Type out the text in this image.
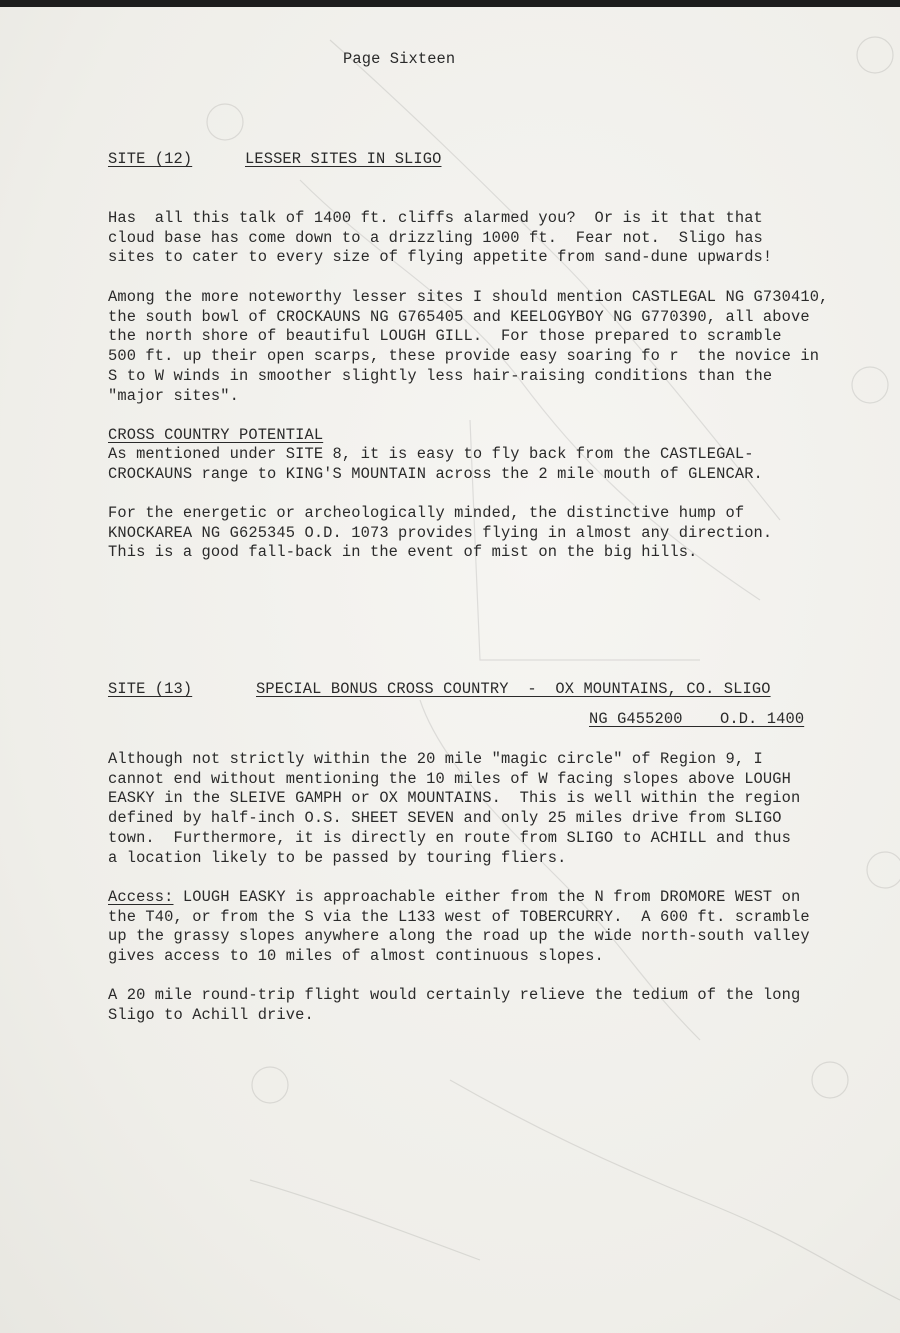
Page Sixteen
SITE (12)	LESSER SITES IN SLIGO
Has  all this talk of 1400 ft. cliffs alarmed you?  Or is it that that
cloud base has come down to a drizzling 1000 ft.  Fear not.  Sligo has
sites to cater to every size of flying appetite from sand-dune upwards!
Among the more noteworthy lesser sites I should mention CASTLEGAL NG G730410,
the south bowl of CROCKAUNS NG G765405 and KEELOGYBOY NG G770390, all above
the north shore of beautiful LOUGH GILL.  For those prepared to scramble
500 ft. up their open scarps, these provide easy soaring fo r  the novice in
S to W winds in smoother slightly less hair-raising conditions than the
"major sites".
CROSS COUNTRY POTENTIAL
As mentioned under SITE 8, it is easy to fly back from the CASTLEGAL-
CROCKAUNS range to KING'S MOUNTAIN across the 2 mile mouth of GLENCAR.
For the energetic or archeologically minded, the distinctive hump of
KNOCKAREA NG G625345 O.D. 1073 provides flying in almost any direction.
This is a good fall-back in the event of mist on the big hills.
SITE (13)	SPECIAL BONUS CROSS COUNTRY  -  OX MOUNTAINS, CO. SLIGO
NG G455200    O.D. 1400
Although not strictly within the 20 mile "magic circle" of Region 9, I
cannot end without mentioning the 10 miles of W facing slopes above LOUGH
EASKY in the SLEIVE GAMPH or OX MOUNTAINS.  This is well within the region
defined by half-inch O.S. SHEET SEVEN and only 25 miles drive from SLIGO
town.  Furthermore, it is directly en route from SLIGO to ACHILL and thus
a location likely to be passed by touring fliers.
Access: LOUGH EASKY is approachable either from the N from DROMORE WEST on
the T40, or from the S via the L133 west of TOBERCURRY.  A 600 ft. scramble
up the grassy slopes anywhere along the road up the wide north-south valley
gives access to 10 miles of almost continuous slopes.
A 20 mile round-trip flight would certainly relieve the tedium of the long
Sligo to Achill drive.
